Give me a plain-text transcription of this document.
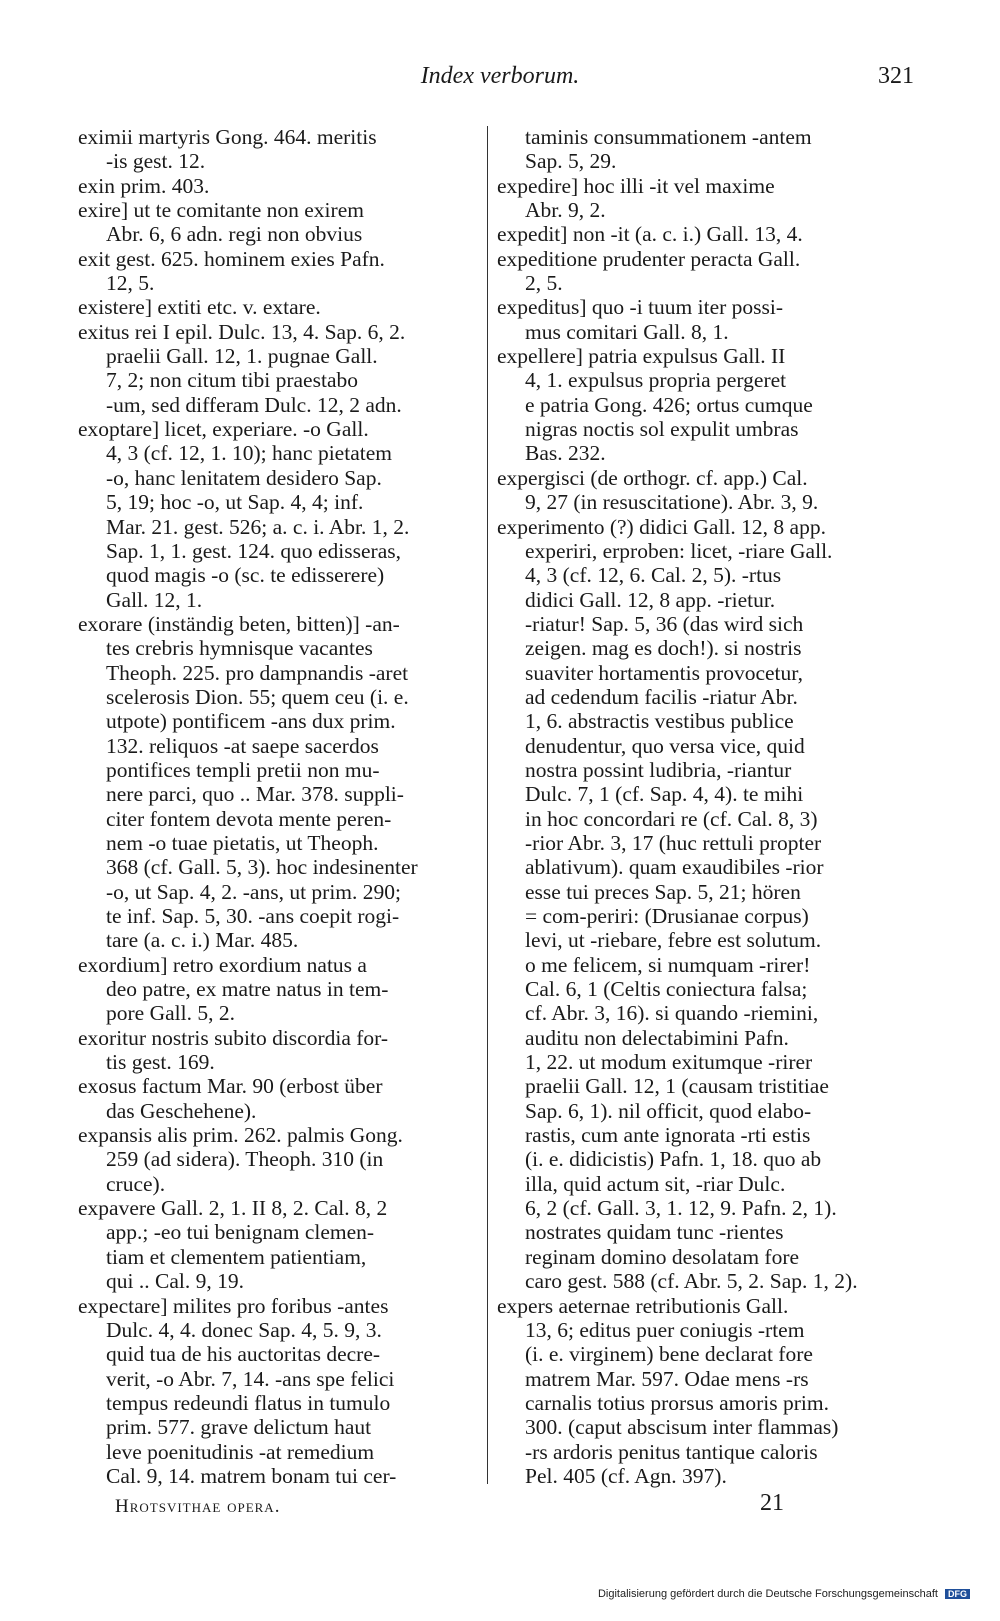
Index verborum.	321
eximii martyris Gong. 464. meritis
-is gest. 12.
exin prim. 403.
exire] ut te comitante non exirem
Abr. 6, 6 adn. regi non obvius
exit gest. 625. hominem exies Pafn.
12, 5.
existere] extiti etc. v. extare.
exitus rei I epil. Dulc. 13, 4. Sap. 6, 2.
praelii Gall. 12, 1. pugnae Gall.
7, 2; non citum tibi praestabo
-um, sed differam Dulc. 12, 2 adn.
exoptare] licet, experiare. -o Gall.
4, 3 (cf. 12, 1. 10); hanc pietatem
-o, hanc lenitatem desidero Sap.
5, 19; hoc -o, ut Sap. 4, 4; inf.
Mar. 21. gest. 526; a. c. i. Abr. 1, 2.
Sap. 1, 1. gest. 124. quo edisseras,
quod magis -o (sc. te edisserere)
Gall. 12, 1.
exorare (inständig beten, bitten)] -an-
tes crebris hymnisque vacantes
Theoph. 225. pro dampnandis -aret
scelerosis Dion. 55; quem ceu (i. e.
utpote) pontificem -ans dux prim.
132. reliquos -at saepe sacerdos
pontifices templi pretii non mu-
nere parci, quo .. Mar. 378. suppli-
citer fontem devota mente peren-
nem -o tuae pietatis, ut Theoph.
368 (cf. Gall. 5, 3). hoc indesinenter
-o, ut Sap. 4, 2. -ans, ut prim. 290;
te inf. Sap. 5, 30. -ans coepit rogi-
tare (a. c. i.) Mar. 485.
exordium] retro exordium natus a
deo patre, ex matre natus in tem-
pore Gall. 5, 2.
exoritur nostris subito discordia for-
tis gest. 169.
exosus factum Mar. 90 (erbost über
das Geschehene).
expansis alis prim. 262. palmis Gong.
259 (ad sidera). Theoph. 310 (in
cruce).
expavere Gall. 2, 1. II 8, 2. Cal. 8, 2
app.; -eo tui benignam clemen-
tiam et clementem patientiam,
qui .. Cal. 9, 19.
expectare] milites pro foribus -antes
Dulc. 4, 4. donec Sap. 4, 5. 9, 3.
quid tua de his auctoritas decre-
verit, -o Abr. 7, 14. -ans spe felici
tempus redeundi flatus in tumulo
prim. 577. grave delictum haut
leve poenitudinis -at remedium
Cal. 9, 14. matrem bonam tui cer-
taminis consummationem -antem
Sap. 5, 29.
expedire] hoc illi -it vel maxime
Abr. 9, 2.
expedit] non -it (a. c. i.) Gall. 13, 4.
expeditione prudenter peracta Gall.
2, 5.
expeditus] quo -i tuum iter possi-
mus comitari Gall. 8, 1.
expellere] patria expulsus Gall. II
4, 1. expulsus propria pergeret
e patria Gong. 426; ortus cumque
nigras noctis sol expulit umbras
Bas. 232.
expergisci (de orthogr. cf. app.) Cal.
9, 27 (in resuscitatione). Abr. 3, 9.
experimento (?) didici Gall. 12, 8 app.
experiri, erproben: licet, -riare Gall.
4, 3 (cf. 12, 6. Cal. 2, 5). -rtus
didici Gall. 12, 8 app. -rietur.
-riatur! Sap. 5, 36 (das wird sich
zeigen. mag es doch!). si nostris
suaviter hortamentis provocetur,
ad cedendum facilis -riatur Abr.
1, 6. abstractis vestibus publice
denudentur, quo versa vice, quid
nostra possint ludibria, -riantur
Dulc. 7, 1 (cf. Sap. 4, 4). te mihi
in hoc concordari re (cf. Cal. 8, 3)
-rior Abr. 3, 17 (huc rettuli propter
ablativum). quam exaudibiles -rior
esse tui preces Sap. 5, 21; hören
= com-periri: (Drusianae corpus)
levi, ut -riebare, febre est solutum.
o me felicem, si numquam -rirer!
Cal. 6, 1 (Celtis coniectura falsa;
cf. Abr. 3, 16). si quando -riemini,
auditu non delectabimini Pafn.
1, 22. ut modum exitumque -rirer
praelii Gall. 12, 1 (causam tristitiae
Sap. 6, 1). nil officit, quod elabo-
rastis, cum ante ignorata -rti estis
(i. e. didicistis) Pafn. 1, 18. quo ab
illa, quid actum sit, -riar Dulc.
6, 2 (cf. Gall. 3, 1. 12, 9. Pafn. 2, 1).
nostrates quidam tunc -rientes
reginam domino desolatam fore
caro gest. 588 (cf. Abr. 5, 2. Sap. 1, 2).
expers aeternae retributionis Gall.
13, 6; editus puer coniugis -rtem
(i. e. virginem) bene declarat fore
matrem Mar. 597. Odae mens -rs
carnalis totius prorsus amoris prim.
300. (caput abscisum inter flammas)
-rs ardoris penitus tantique caloris
Pel. 405 (cf. Agn. 397).
Hrotsvithae opera.	21
Digitalisierung gefördert durch die Deutsche Forschungsgemeinschaft DFG
